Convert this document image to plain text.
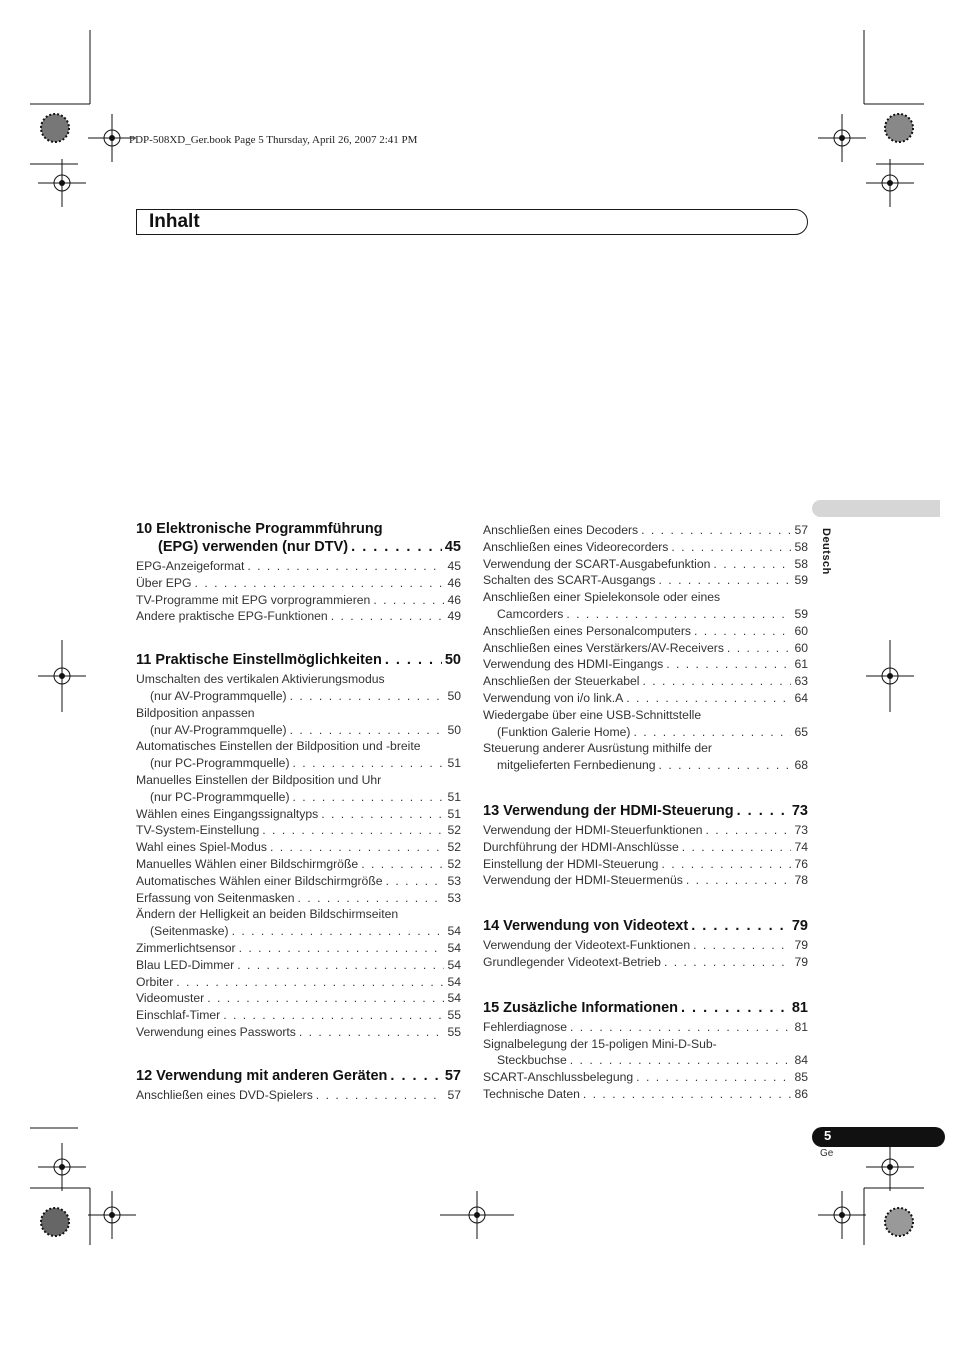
PDP-508XD_Ger.book Page 5 Thursday, April 26, 2007 2:41 PM
Inhalt
Deutsch
5
Ge
10 Elektronische Programmführung
(EPG) verwenden (nur DTV) . . .	45
EPG-Anzeigeformat . . .	45
Über EPG . . .	46
TV-Programme mit EPG vorprogrammieren . . .	46
Andere praktische EPG-Funktionen . . .	49
11 Praktische Einstellmöglichkeiten . . .	50
Umschalten des vertikalen Aktivierungsmodus
(nur AV-Programmquelle) . . .	50
Bildposition anpassen
(nur AV-Programmquelle) . . .	50
Automatisches Einstellen der Bildposition und -breite
(nur PC-Programmquelle) . . .	51
Manuelles Einstellen der Bildposition und Uhr
(nur PC-Programmquelle) . . .	51
Wählen eines Eingangssignaltyps . . .	51
TV-System-Einstellung . . .	52
Wahl eines Spiel-Modus . . .	52
Manuelles Wählen einer Bildschirmgröße . . .	52
Automatisches Wählen einer Bildschirmgröße . . .	53
Erfassung von Seitenmasken . . .	53
Ändern der Helligkeit an beiden Bildschirmseiten
(Seitenmaske) . . .	54
Zimmerlichtsensor . . .	54
Blau LED-Dimmer . . .	54
Orbiter . . .	54
Videomuster . . .	54
Einschlaf-Timer . . .	55
Verwendung eines Passworts . . .	55
12 Verwendung mit anderen Geräten . . .	57
Anschließen eines DVD-Spielers . . .	57
Anschließen eines Decoders . . .	57
Anschließen eines Videorecorders . . .	58
Verwendung der SCART-Ausgabefunktion . . .	58
Schalten des SCART-Ausgangs . . .	59
Anschließen einer Spielekonsole oder eines
Camcorders . . .	59
Anschließen eines Personalcomputers . . .	60
Anschließen eines Verstärkers/AV-Receivers . . .	60
Verwendung des HDMI-Eingangs . . .	61
Anschließen der Steuerkabel . . .	63
Verwendung von i/o link.A . . .	64
Wiedergabe über eine USB-Schnittstelle
(Funktion Galerie Home) . . .	65
Steuerung anderer Ausrüstung mithilfe der
mitgelieferten Fernbedienung . . .	68
13 Verwendung der HDMI-Steuerung . . .	73
Verwendung der HDMI-Steuerfunktionen . . .	73
Durchführung der HDMI-Anschlüsse . . .	74
Einstellung der HDMI-Steuerung . . .	76
Verwendung der HDMI-Steuermenüs . . .	78
14 Verwendung von Videotext . . .	79
Verwendung der Videotext-Funktionen . . .	79
Grundlegender Videotext-Betrieb . . .	79
15 Zusäzliche Informationen . . .	81
Fehlerdiagnose . . .	81
Signalbelegung der 15-poligen Mini-D-Sub-
Steckbuchse . . .	84
SCART-Anschlussbelegung . . .	85
Technische Daten . . .	86
